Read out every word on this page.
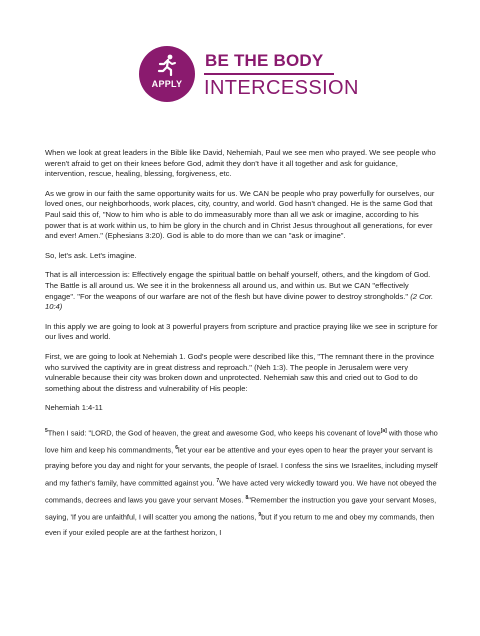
APPLY
BE THE BODY
INTERCESSION

When we look at great leaders in the Bible like David, Nehemiah, Paul we see men who prayed. We see people who weren't afraid to get on their knees before God, admit they don't have it all together and ask for guidance, intervention, rescue, healing, blessing, forgiveness, etc.

As we grow in our faith the same opportunity waits for us. We CAN be people who pray powerfully for ourselves, our loved ones, our neighborhoods, work places, city, country, and world. God hasn't changed. He is the same God that Paul said this of, "Now to him who is able to do immeasurably more than all we ask or imagine, according to his power that is at work within us, to him be glory in the church and in Christ Jesus throughout all generations, for ever and ever! Amen." (Ephesians 3:20). God is able to do more than we can "ask or imagine".

So, let's ask. Let's imagine.

That is all intercession is: Effectively engage the spiritual battle on behalf yourself, others, and the kingdom of God. The Battle is all around us. We see it in the brokenness all around us, and within us. But we CAN "effectively engage". "For the weapons of our warfare are not of the flesh but have divine power to destroy strongholds." (2 Cor. 10:4)

In this apply we are going to look at 3 powerful prayers from scripture and practice praying like we see in scripture for our lives and world.

First, we are going to look at Nehemiah 1. God's people were described like this, "The remnant there in the province who survived the captivity are in great distress and reproach." (Neh 1:3). The people in Jerusalem were very vulnerable because their city was broken down and unprotected. Nehemiah saw this and cried out to God to do something about the distress and vulnerability of His people:

Nehemiah 1:4-11

$^5$Then I said: "LORD, the God of heaven, the great and awesome God, who keeps his covenant of love[a] with those who love him and keep his commandments, $^6$let your ear be attentive and your eyes open to hear the prayer your servant is praying before you day and night for your servants, the people of Israel. I confess the sins we Israelites, including myself and my father's family, have committed against you. $^7$We have acted very wickedly toward you. We have not obeyed the commands, decrees and laws you gave your servant Moses. $^8$"Remember the instruction you gave your servant Moses, saying, 'If you are unfaithful, I will scatter you among the nations, $^9$but if you return to me and obey my commands, then even if your exiled people are at the farthest horizon, I
